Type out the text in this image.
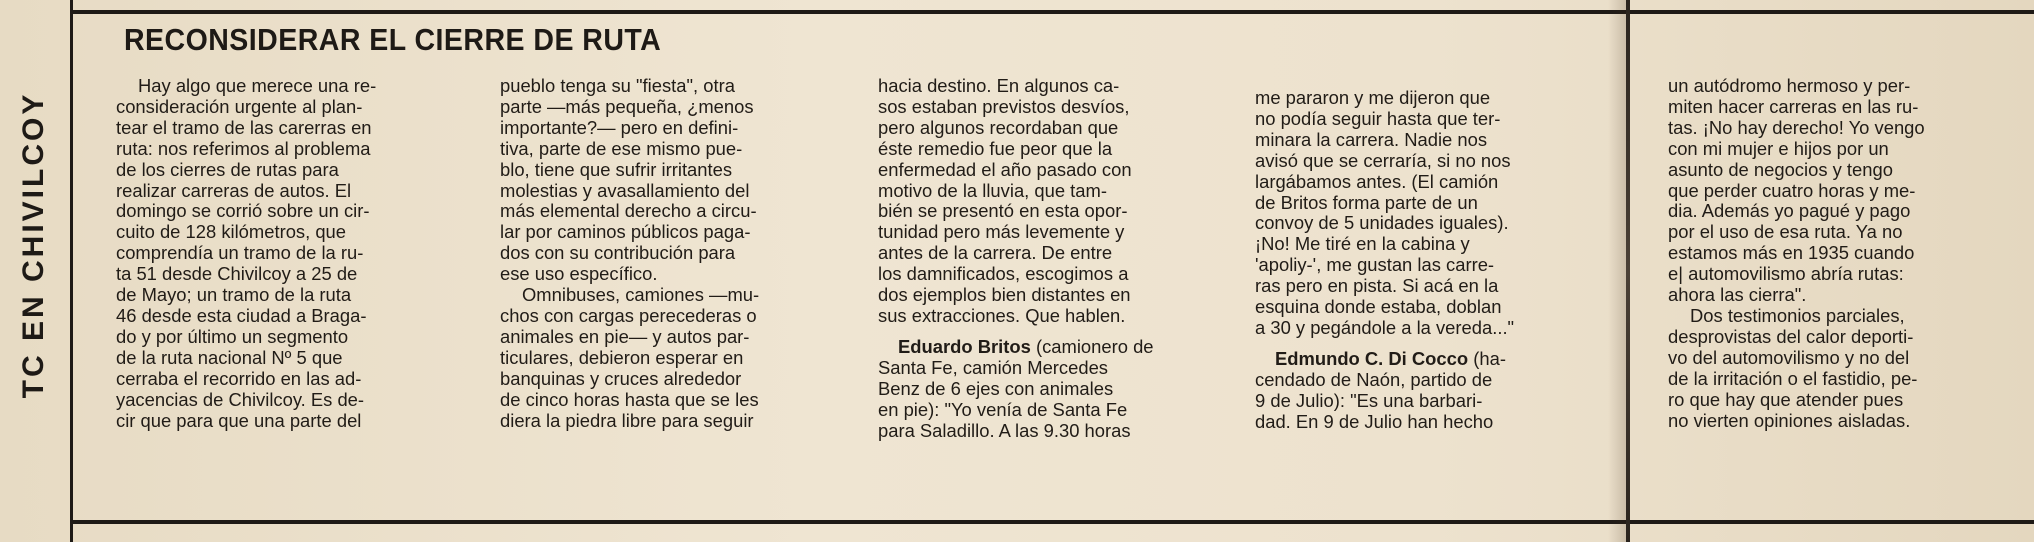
TC EN CHIVILCOY
RECONSIDERAR EL CIERRE DE RUTA
Hay algo que merece una re-
consideración urgente al plan-
tear el tramo de las carerras en
ruta: nos referimos al problema
de los cierres de rutas para
realizar carreras de autos. El
domingo se corrió sobre un cir-
cuito de 128 kilómetros, que
comprendía un tramo de la ru-
ta 51 desde Chivilcoy a 25 de
de Mayo; un tramo de la ruta
46 desde esta ciudad a Braga-
do y por último un segmento
de la ruta nacional Nº 5 que
cerraba el recorrido en las ad-
yacencias de Chivilcoy. Es de-
cir que para que una parte del
pueblo tenga su "fiesta", otra
parte —más pequeña, ¿menos
importante?— pero en defini-
tiva, parte de ese mismo pue-
blo, tiene que sufrir irritantes
molestias y avasallamiento del
más elemental derecho a circu-
lar por caminos públicos paga-
dos con su contribución para
ese uso específico.
Omnibuses, camiones —mu-
chos con cargas perecederas o
animales en pie— y autos par-
ticulares, debieron esperar en
banquinas y cruces alrededor
de cinco horas hasta que se les
diera la piedra libre para seguir
hacia destino. En algunos ca-
sos estaban previstos desvíos,
pero algunos recordaban que
éste remedio fue peor que la
enfermedad el año pasado con
motivo de la lluvia, que tam-
bién se presentó en esta opor-
tunidad pero más levemente y
antes de la carrera. De entre
los damnificados, escogimos a
dos ejemplos bien distantes en
sus extracciones. Que hablen.

Eduardo Britos (camionero de
Santa Fe, camión Mercedes
Benz de 6 ejes con animales
en pie): "Yo venía de Santa Fe
para Saladillo. A las 9.30 horas
me pararon y me dijeron que
no podía seguir hasta que ter-
minara la carrera. Nadie nos
avisó que se cerraría, si no nos
largábamos antes. (El camión
de Britos forma parte de un
convoy de 5 unidades iguales).
¡No! Me tiré en la cabina y
'apoliy-', me gustan las carre-
ras pero en pista. Si acá en la
esquina donde estaba, doblan
a 30 y pegándole a la vereda..."

Edmundo C. Di Cocco (ha-
cendado de Naón, partido de
9 de Julio): "Es una barbari-
dad. En 9 de Julio han hecho
un autódromo hermoso y per-
miten hacer carreras en las ru-
tas. ¡No hay derecho! Yo vengo
con mi mujer e hijos por un
asunto de negocios y tengo
que perder cuatro horas y me-
dia. Además yo pagué y pago
por el uso de esa ruta. Ya no
estamos más en 1935 cuando
e| automovilismo abría rutas:
ahora las cierra".
Dos testimonios parciales,
desprovistas del calor deporti-
vo del automovilismo y no del
de la irritación o el fastidio, pe-
ro que hay que atender pues
no vierten opiniones aisladas.
